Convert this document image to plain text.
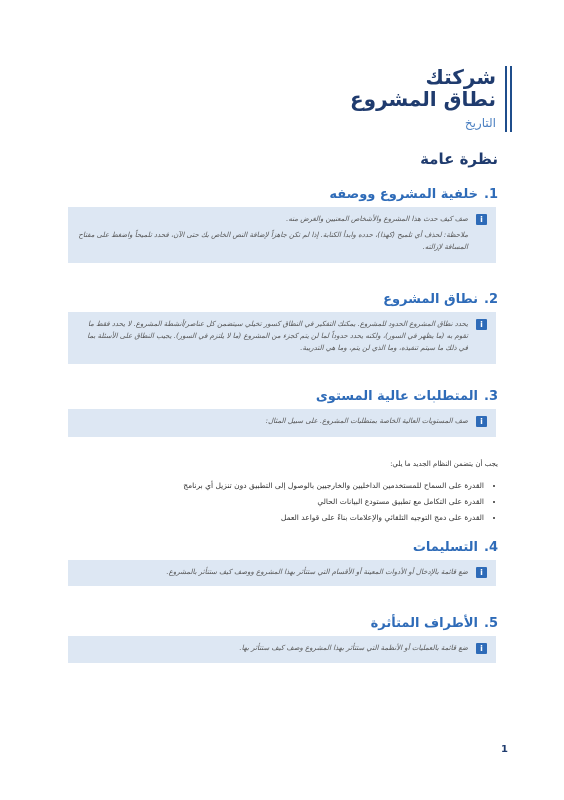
شركتك

نطاق المشروع

التاريخ

نظرة عامة
1.خلفية المشروع ووصفه
i

صف كيف حدث هذا المشروع والأشخاص المعنيين والغرض منه.

ملاحظة: لحذف أي تلميح (كهذا)، حدده وابدأ الكتابة. إذا لم تكن جاهزاً لإضافة النص الخاص بك حتى الآن، فحدد تلميحاً واضغط على مفتاح المسافة لإزالته.

2.نطاق المشروع
i

يحدد نطاق المشروع الحدود للمشروع. يمكنك التفكير في النطاق كسور تخيلي سيتضمن كل عناصر/أنشطة المشروع. لا يحدد فقط ما تقوم به (ما يظهر في السور)، ولكنه يحدد حدوداً لما لن يتم كجزء من المشروع (ما لا يلتزم في السور). يجيب النطاق على الأسئلة بما في ذلك ما سيتم تنفيذه، وما الذي لن يتم، وما هي التدريبة.

3.المتطلبات عالية المستوى
i

صف المستويات العالية الخاصة بمتطلبات المشروع. على سبيل المثال:

يجب أن يتضمن النظام الجديد ما يلي:

• القدرة على السماح للمستخدمين الداخليين والخارجيين بالوصول إلى التطبيق دون تنزيل أي برنامج
• القدرة على التكامل مع تطبيق مستودع البيانات الحالي
• القدرة على دمج التوجيه التلقائي والإعلامات بناءً على قواعد العمل
4.التسليمات
i

ضع قائمة بالإدخال أو الأدوات المعينة أو الأقسام التي ستتأثر بهذا المشروع ووصف كيف ستتأثر بالمشروع.

5.الأطراف المتأثرة
i

ضع قائمة بالعمليات أو الأنظمة التي ستتأثر بهذا المشروع وصف كيف ستتأثر بها.

1
